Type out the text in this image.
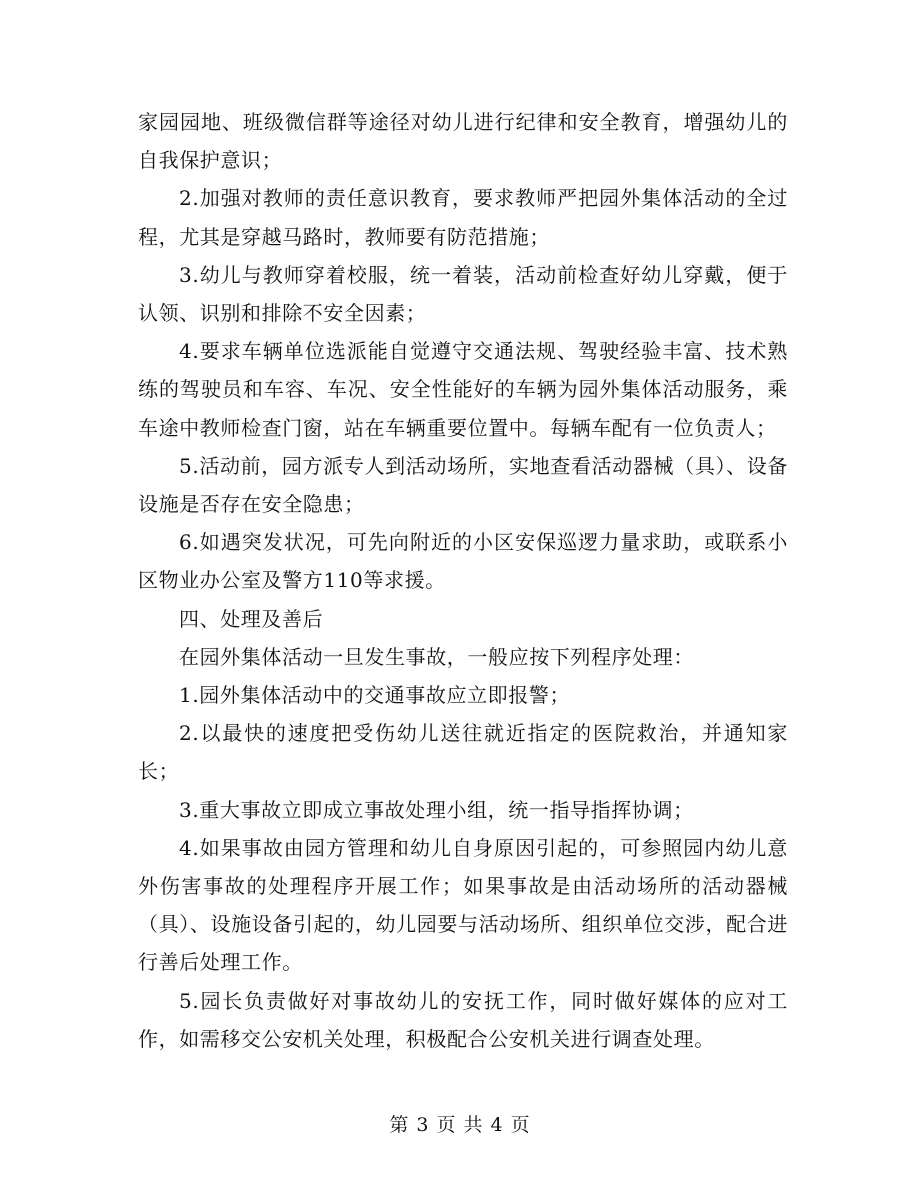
家园园地、班级微信群等途径对幼儿进行纪律和安全教育，增强幼儿的自我保护意识；

2.加强对教师的责任意识教育，要求教师严把园外集体活动的全过程，尤其是穿越马路时，教师要有防范措施；

3.幼儿与教师穿着校服，统一着装，活动前检查好幼儿穿戴，便于认领、识别和排除不安全因素；

4.要求车辆单位选派能自觉遵守交通法规、驾驶经验丰富、技术熟练的驾驶员和车容、车况、安全性能好的车辆为园外集体活动服务，乘车途中教师检查门窗，站在车辆重要位置中。每辆车配有一位负责人；

5.活动前，园方派专人到活动场所，实地查看活动器械（具）、设备设施是否存在安全隐患；

6.如遇突发状况，可先向附近的小区安保巡逻力量求助，或联系小区物业办公室及警方110等求援。

四、处理及善后

在园外集体活动一旦发生事故，一般应按下列程序处理：

1.园外集体活动中的交通事故应立即报警；

2.以最快的速度把受伤幼儿送往就近指定的医院救治，并通知家长；

3.重大事故立即成立事故处理小组，统一指导指挥协调；

4.如果事故由园方管理和幼儿自身原因引起的，可参照园内幼儿意外伤害事故的处理程序开展工作；如果事故是由活动场所的活动器械（具）、设施设备引起的，幼儿园要与活动场所、组织单位交涉，配合进行善后处理工作。

5.园长负责做好对事故幼儿的安抚工作，同时做好媒体的应对工作，如需移交公安机关处理，积极配合公安机关进行调查处理。

第 3 页 共 4 页
